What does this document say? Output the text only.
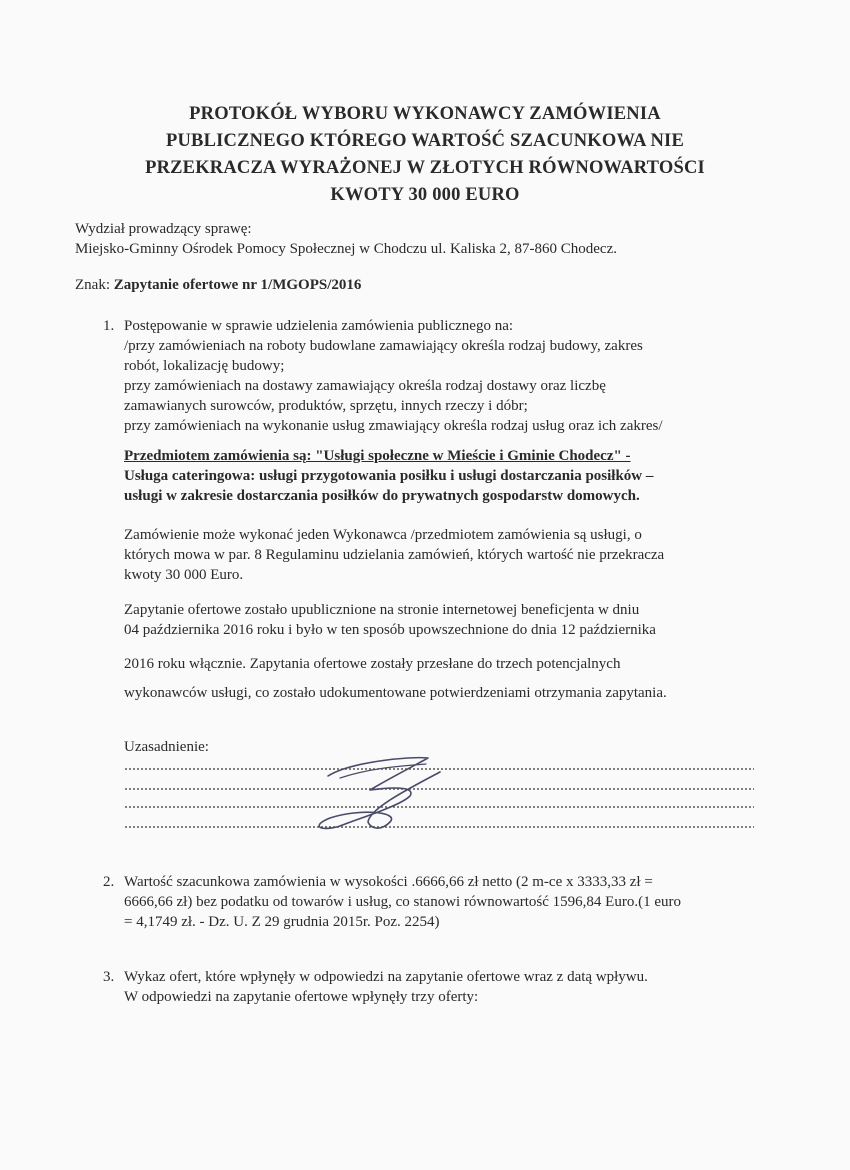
PROTOKÓŁ WYBORU WYKONAWCY ZAMÓWIENIA
PUBLICZNEGO KTÓREGO WARTOŚĆ SZACUNKOWA NIE
PRZEKRACZA WYRAŻONEJ W ZŁOTYCH RÓWNOWARTOŚCI
KWOTY 30 000 EURO
Wydział prowadzący sprawę:
Miejsko-Gminny Ośrodek Pomocy Społecznej w Chodczu ul. Kaliska 2, 87-860 Chodecz.
Znak: Zapytanie ofertowe nr 1/MGOPS/2016
1. Postępowanie w sprawie udzielenia zamówienia publicznego na:
/przy zamówieniach na roboty budowlane zamawiający określa rodzaj budowy, zakres
robót, lokalizację budowy;
przy zamówieniach na dostawy zamawiający określa rodzaj dostawy oraz liczbę
zamawianych surowców, produktów, sprzętu, innych rzeczy i dóbr;
przy zamówieniach na wykonanie usług zmawiający określa rodzaj usług oraz ich zakres/
Przedmiotem zamówienia są: "Usługi społeczne w Mieście i Gminie Chodecz" -
Usługa cateringowa: usługi przygotowania posiłku i usługi dostarczania posiłków –
usługi w zakresie dostarczania posiłków do prywatnych gospodarstw domowych.
Zamówienie może wykonać jeden Wykonawca /przedmiotem zamówienia są usługi, o
których mowa w par. 8 Regulaminu udzielania zamówień, których wartość nie przekracza
kwoty 30 000 Euro.
Zapytanie ofertowe zostało upublicznione na stronie internetowej beneficjenta w dniu
04 października 2016 roku i było w ten sposób upowszechnione do dnia 12 października
2016 roku włącznie. Zapytania ofertowe zostały przesłane do trzech potencjalnych
wykonawców usługi, co zostało udokumentowane potwierdzeniami otrzymania zapytania.
Uzasadnienie:
2. Wartość szacunkowa zamówienia w wysokości .6666,66 zł netto (2 m-ce x 3333,33 zł =
6666,66 zł) bez podatku od towarów i usług, co stanowi równowartość 1596,84 Euro.(1 euro
= 4,1749 zł. - Dz. U. Z 29 grudnia 2015r. Poz. 2254)
3. Wykaz ofert, które wpłynęły w odpowiedzi na zapytanie ofertowe wraz z datą wpływu.
W odpowiedzi na zapytanie ofertowe wpłynęły trzy oferty:
